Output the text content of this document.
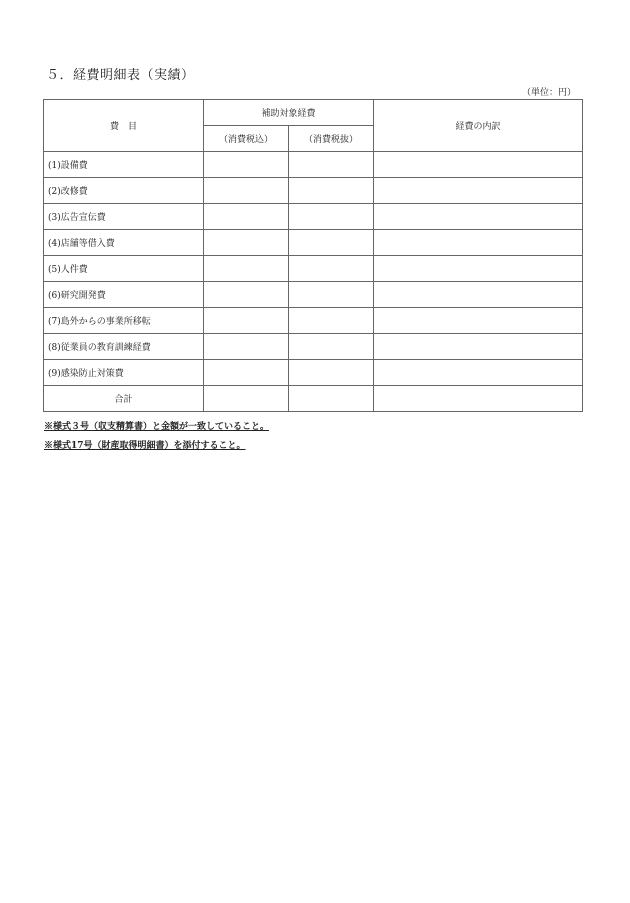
５．経費明細表（実績）
（単位：円）
費　目	補助対象経費		経費の内訳
	（消費税込）	（消費税抜）	
(1)設備費			
(2)改修費			
(3)広告宣伝費			
(4)店舗等借入費			
(5)人件費			
(6)研究開発費			
(7)島外からの事業所移転			
(8)従業員の教育訓練経費			
(9)感染防止対策費			
合計			
※様式３号（収支精算書）と金額が一致していること。
※様式17号（財産取得明細書）を添付すること。
